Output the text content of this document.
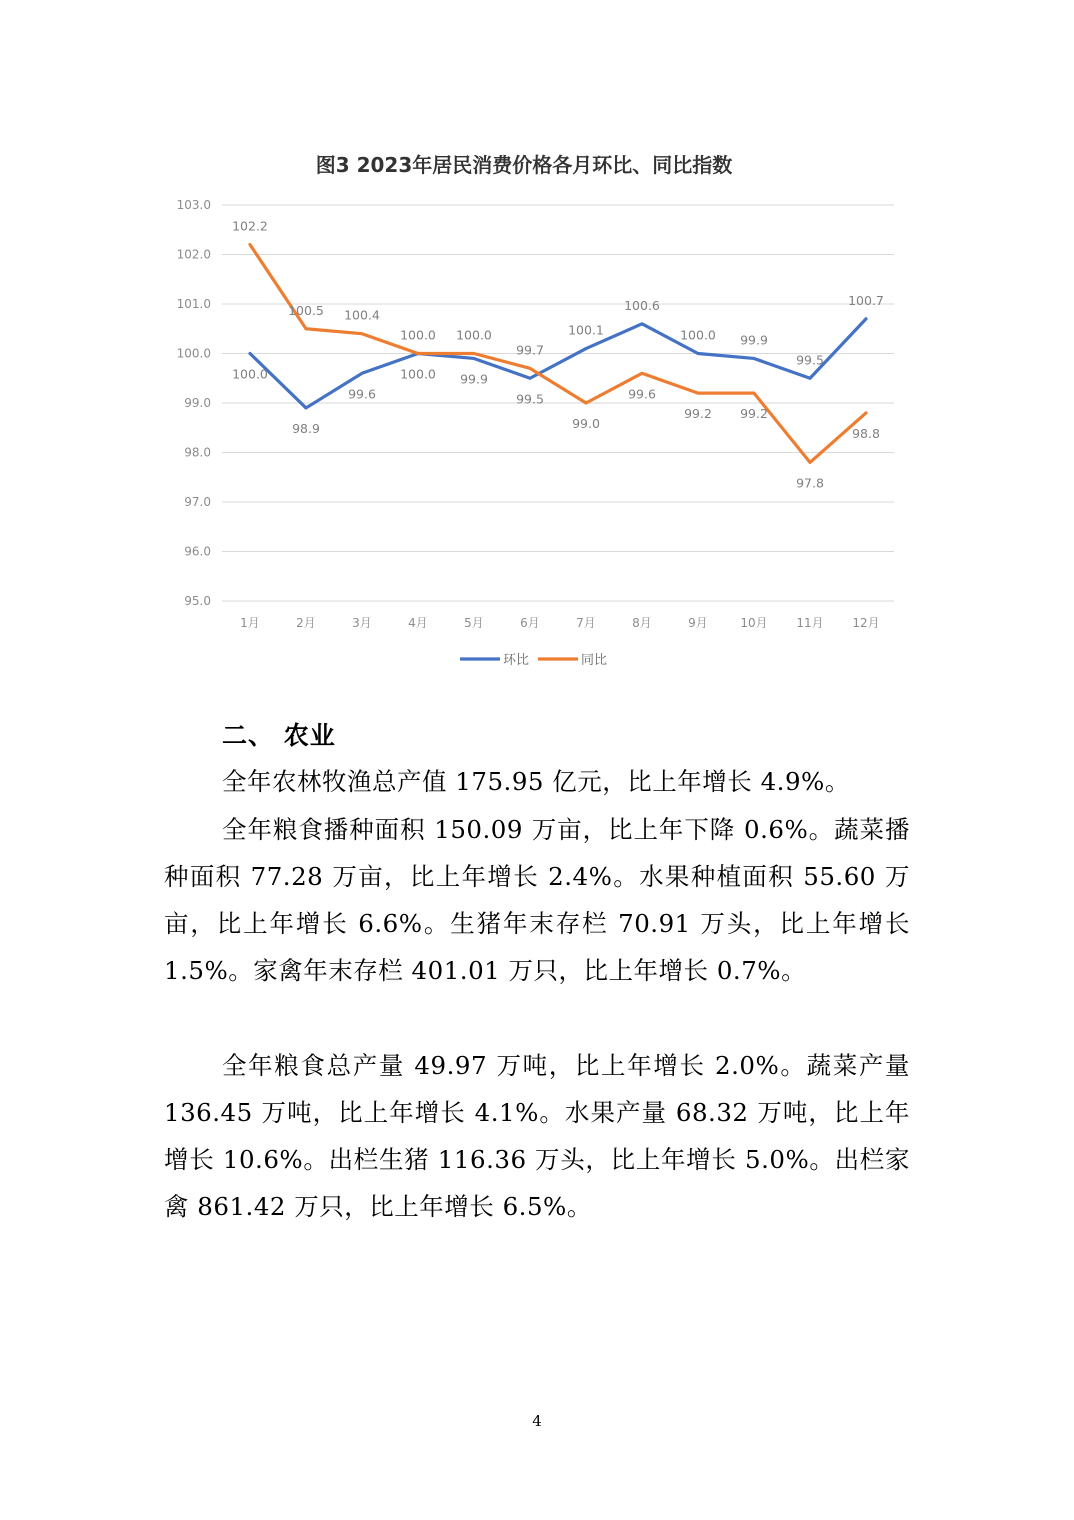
图3 2023年居民消费价格各月环比、同比指数
95.0
96.0
97.0
98.0
99.0
100.0
101.0
102.0
103.0
1月	2月	3月	4月	5月	6月	7月	8月	9月	10月 11月 12月
100.0
98.9
99.6
100.0 99.9
99.5
100.1
100.6
100.0 99.9
99.5
100.7
102.2
100.5 100.4
100.0 100.0
99.7
99.0
99.6
99.2 99.2
97.8
98.8
环比	同比
二、 农业

全年农林牧渔总产值 175.95 亿元，比上年增长 4.9%。

全年粮食播种面积 150.09 万亩，比上年下降 0.6%。蔬菜播种面积 77.28 万亩，比上年增长 2.4%。水果种植面积 55.60 万亩，比上年增长 6.6%。生猪年末存栏 70.91 万头，比上年增长 1.5%。家禽年末存栏 401.01 万只，比上年增长 0.7%。

全年粮食总产量 49.97 万吨，比上年增长 2.0%。蔬菜产量 136.45 万吨，比上年增长 4.1%。水果产量 68.32 万吨，比上年增长 10.6%。出栏生猪 116.36 万头，比上年增长 5.0%。出栏家禽 861.42 万只，比上年增长 6.5%。

4
